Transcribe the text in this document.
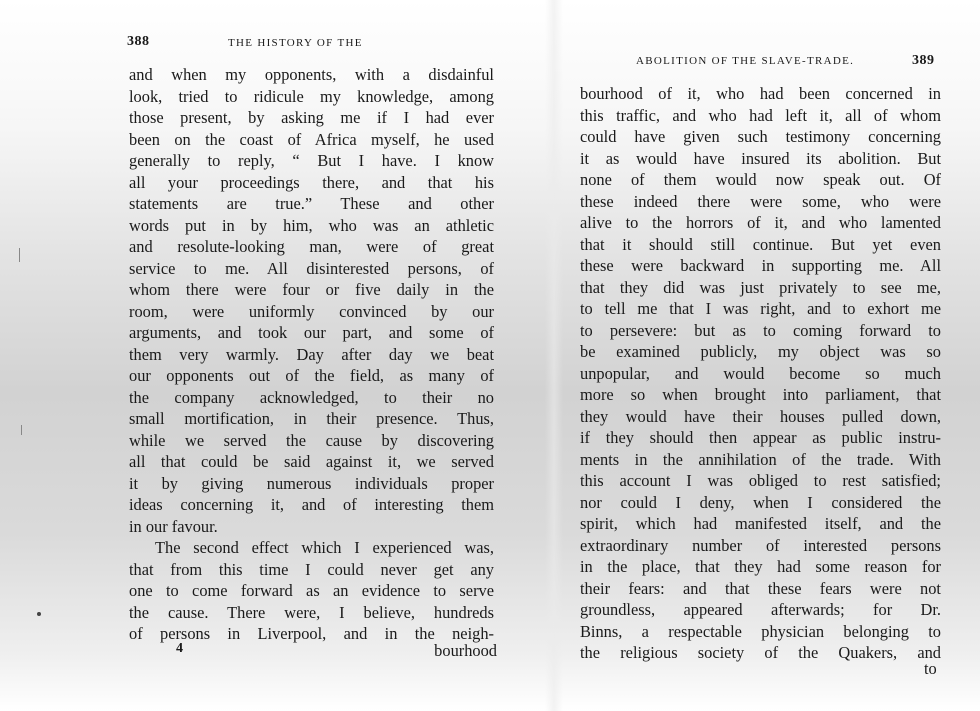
388	THE HISTORY OF THE
ABOLITION OF THE SLAVE-TRADE.	389
and when my opponents, with a disdainful
look, tried to ridicule my knowledge, among
those present, by asking me if I had ever
been on the coast of Africa myself, he used
generally to reply, “ But I have. I know
all your proceedings there, and that his
statements are true.” These and other
words put in by him, who was an athletic
and resolute-looking man, were of great
service to me. All disinterested persons, of
whom there were four or five daily in the
room, were uniformly convinced by our
arguments, and took our part, and some of
them very warmly. Day after day we beat
our opponents out of the field, as many of
the company acknowledged, to their no
small mortification, in their presence. Thus,
while we served the cause by discovering
all that could be said against it, we served
it by giving numerous individuals proper
ideas concerning it, and of interesting them
in our favour.
The second effect which I experienced was,
that from this time I could never get any
one to come forward as an evidence to serve
the cause. There were, I believe, hundreds
of persons in Liverpool, and in the neigh-
4	bourhood
bourhood of it, who had been concerned in
this traffic, and who had left it, all of whom
could have given such testimony concerning
it as would have insured its abolition. But
none of them would now speak out. Of
these indeed there were some, who were
alive to the horrors of it, and who lamented
that it should still continue. But yet even
these were backward in supporting me. All
that they did was just privately to see me,
to tell me that I was right, and to exhort me
to persevere: but as to coming forward to
be examined publicly, my object was so
unpopular, and would become so much
more so when brought into parliament, that
they would have their houses pulled down,
if they should then appear as public instru-
ments in the annihilation of the trade. With
this account I was obliged to rest satisfied;
nor could I deny, when I considered the
spirit, which had manifested itself, and the
extraordinary number of interested persons
in the place, that they had some reason for
their fears: and that these fears were not
groundless, appeared afterwards; for Dr.
Binns, a respectable physician belonging to
the religious society of the Quakers, and
to
